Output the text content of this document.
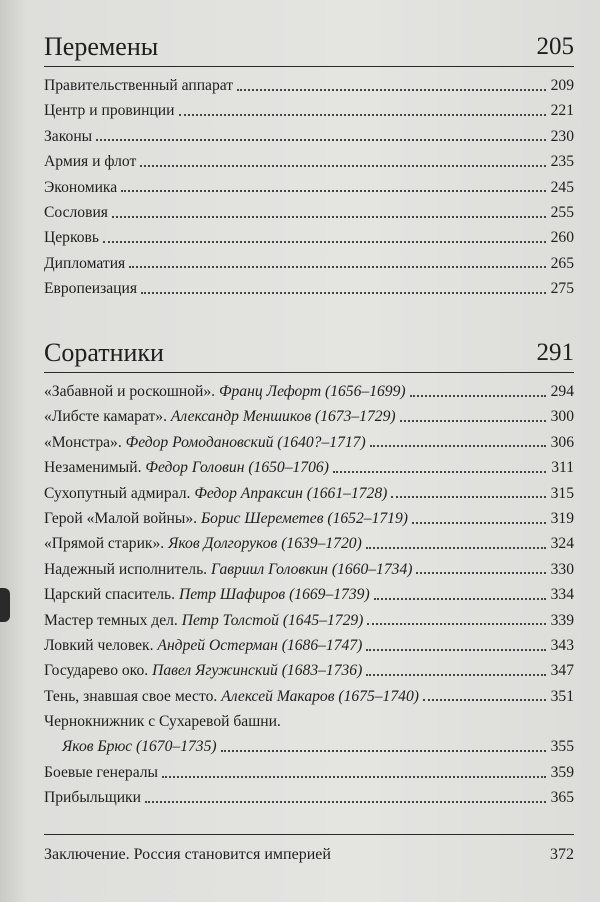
Перемены	205
Правительственный аппарат	209
Центр и провинции	221
Законы	230
Армия и флот	235
Экономика	245
Сословия	255
Церковь	260
Дипломатия	265
Европеизация	275
Соратники	291
«Забавной и роскошной». Франц Лефорт (1656–1699)	294
«Либсте камарат». Александр Меншиков (1673–1729)	300
«Монстра». Федор Ромодановский (1640?–1717)	306
Незаменимый. Федор Головин (1650–1706)	311
Сухопутный адмирал. Федор Апраксин (1661–1728)	315
Герой «Малой войны». Борис Шереметев (1652–1719)	319
«Прямой старик». Яков Долгоруков (1639–1720)	324
Надежный исполнитель. Гавриил Головкин (1660–1734)	330
Царский спаситель. Петр Шафиров (1669–1739)	334
Мастер темных дел. Петр Толстой (1645–1729)	339
Ловкий человек. Андрей Остерман (1686–1747)	343
Государево око. Павел Ягужинский (1683–1736)	347
Тень, знавшая свое место. Алексей Макаров (1675–1740)	351
Чернокнижник с Сухаревой башни.
Яков Брюс (1670–1735)	355
Боевые генералы	359
Прибыльщики	365
Заключение. Россия становится империей	372
